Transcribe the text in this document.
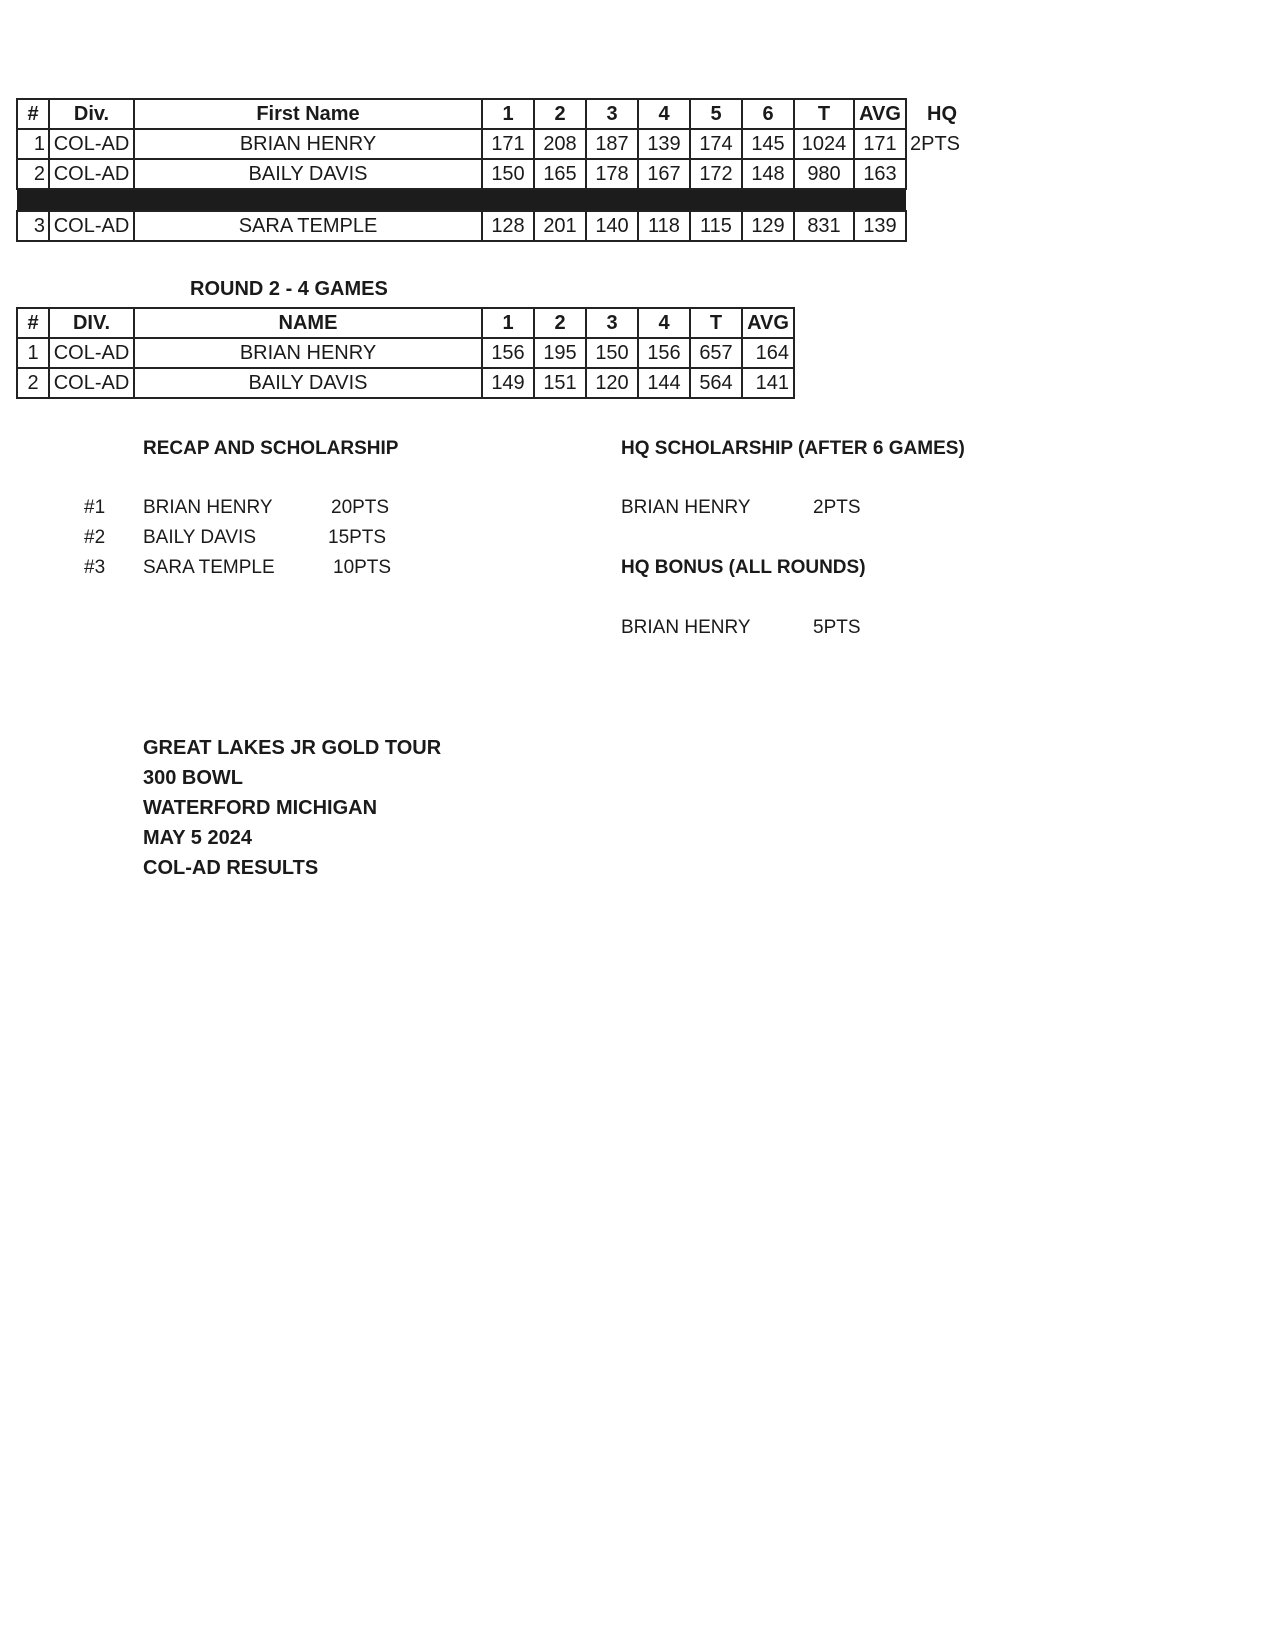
#	Div.	First Name	1	2	3	4	5	6	T	AVG	HQ
1	COL-AD	BRIAN HENRY	171	208	187	139	174	145	1024	171	2PTS
2	COL-AD	BAILY DAVIS	150	165	178	167	172	148	980	163	

3	COL-AD	SARA TEMPLE	128	201	140	118	115	129	831	139	
ROUND 2 - 4 GAMES
#	DIV.	NAME	1	2	3	4	T	AVG
1	COL-AD	BRIAN HENRY	156	195	150	156	657	164
2	COL-AD	BAILY DAVIS	149	151	120	144	564	141
RECAP AND SCHOLARSHIP
#1 BRIAN HENRY	20PTS
#2 BAILY DAVIS	15PTS
#3 SARA TEMPLE	10PTS
HQ SCHOLARSHIP (AFTER 6 GAMES)
BRIAN HENRY	2PTS
HQ BONUS (ALL ROUNDS)
BRIAN HENRY	5PTS
GREAT LAKES JR GOLD TOUR
300 BOWL
WATERFORD MICHIGAN
MAY 5 2024
COL-AD RESULTS
